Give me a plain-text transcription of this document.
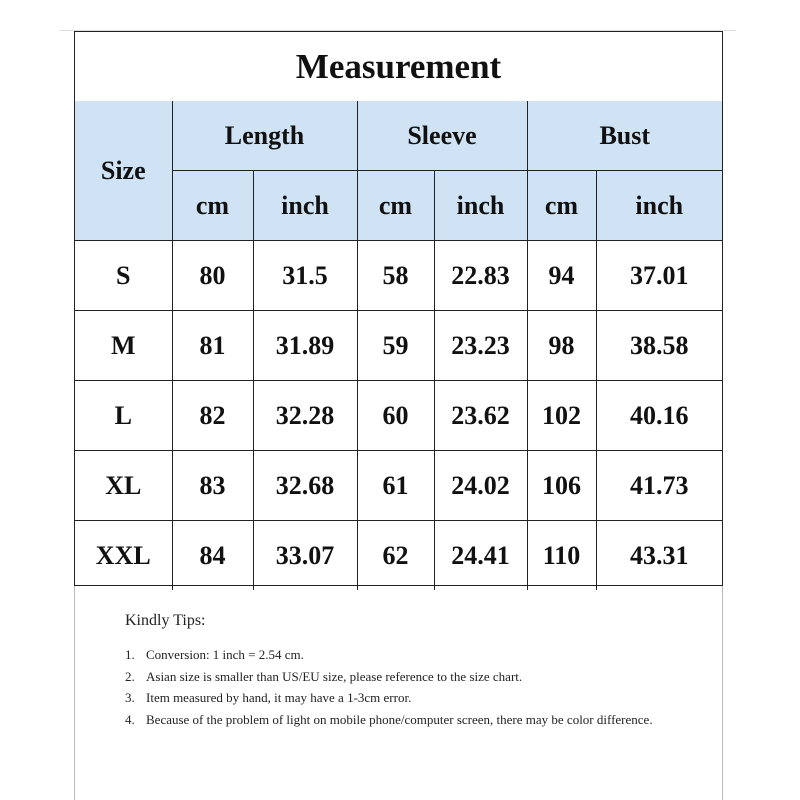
Measurement
Size	Length		Sleeve		Bust	
	cm	inch	cm	inch	cm	inch
S	80	31.5	58	22.83	94	37.01
M	81	31.89	59	23.23	98	38.58
L	82	32.28	60	23.62	102	40.16
XL	83	32.68	61	24.02	106	41.73
XXL	84	33.07	62	24.41	110	43.31
Kindly Tips:
1. Conversion: 1 inch = 2.54 cm.
2. Asian size is smaller than US/EU size, please reference to the size chart.
3. Item measured by hand, it may have a 1-3cm error.
4. Because of the problem of light on mobile phone/computer screen, there may be color difference.
